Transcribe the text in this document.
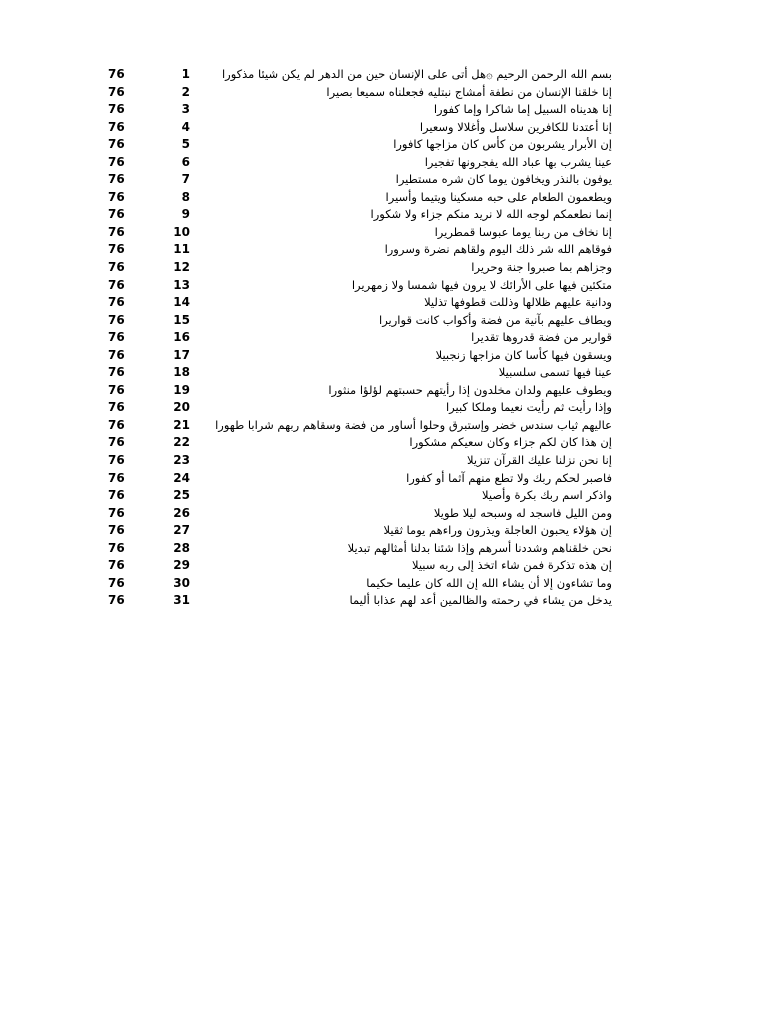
76	1	بسم الله الرحمن الرحيم ۞هل أتى على الإنسان حين من الدهر لم يكن شيئا مذكورا
76	2	إنا خلقنا الإنسان من نطفة أمشاج نبتليه فجعلناه سميعا بصيرا
76	3	إنا هديناه السبيل إما شاكرا وإما كفورا
76	4	إنا أعتدنا للكافرين سلاسل وأغلالا وسعيرا
76	5	إن الأبرار يشربون من كأس كان مزاجها كافورا
76	6	عينا يشرب بها عباد الله يفجرونها تفجيرا
76	7	يوفون بالنذر ويخافون يوما كان شره مستطيرا
76	8	ويطعمون الطعام على حبه مسكينا ويتيما وأسيرا
76	9	إنما نطعمكم لوجه الله لا نريد منكم جزاء ولا شكورا
76	10	إنا نخاف من ربنا يوما عبوسا قمطريرا
76	11	فوقاهم الله شر ذلك اليوم ولقاهم نضرة وسرورا
76	12	وجزاهم بما صبروا جنة وحريرا
76	13	متكئين فيها على الأرائك لا يرون فيها شمسا ولا زمهريرا
76	14	ودانية عليهم ظلالها وذللت قطوفها تذليلا
76	15	ويطاف عليهم بآنية من فضة وأكواب كانت قواريرا
76	16	قوارير من فضة قدروها تقديرا
76	17	ويسقون فيها كأسا كان مزاجها زنجبيلا
76	18	عينا فيها تسمى سلسبيلا
76	19	ويطوف عليهم ولدان مخلدون إذا رأيتهم حسبتهم لؤلؤا منثورا
76	20	وإذا رأيت ثم رأيت نعيما وملكا كبيرا
76	21	عاليهم ثياب سندس خضر وإستبرق وحلوا أساور من فضة وسقاهم ربهم شرابا طهورا
76	22	إن هذا كان لكم جزاء وكان سعيكم مشكورا
76	23	إنا نحن نزلنا عليك القرآن تنزيلا
76	24	فاصبر لحكم ربك ولا تطع منهم آثما أو كفورا
76	25	واذكر اسم ربك بكرة وأصيلا
76	26	ومن الليل فاسجد له وسبحه ليلا طويلا
76	27	إن هؤلاء يحبون العاجلة ويذرون وراءهم يوما ثقيلا
76	28	نحن خلقناهم وشددنا أسرهم وإذا شئنا بدلنا أمثالهم تبديلا
76	29	إن هذه تذكرة فمن شاء اتخذ إلى ربه سبيلا
76	30	وما تشاءون إلا أن يشاء الله إن الله كان عليما حكيما
76	31	يدخل من يشاء في رحمته والظالمين أعد لهم عذابا أليما
